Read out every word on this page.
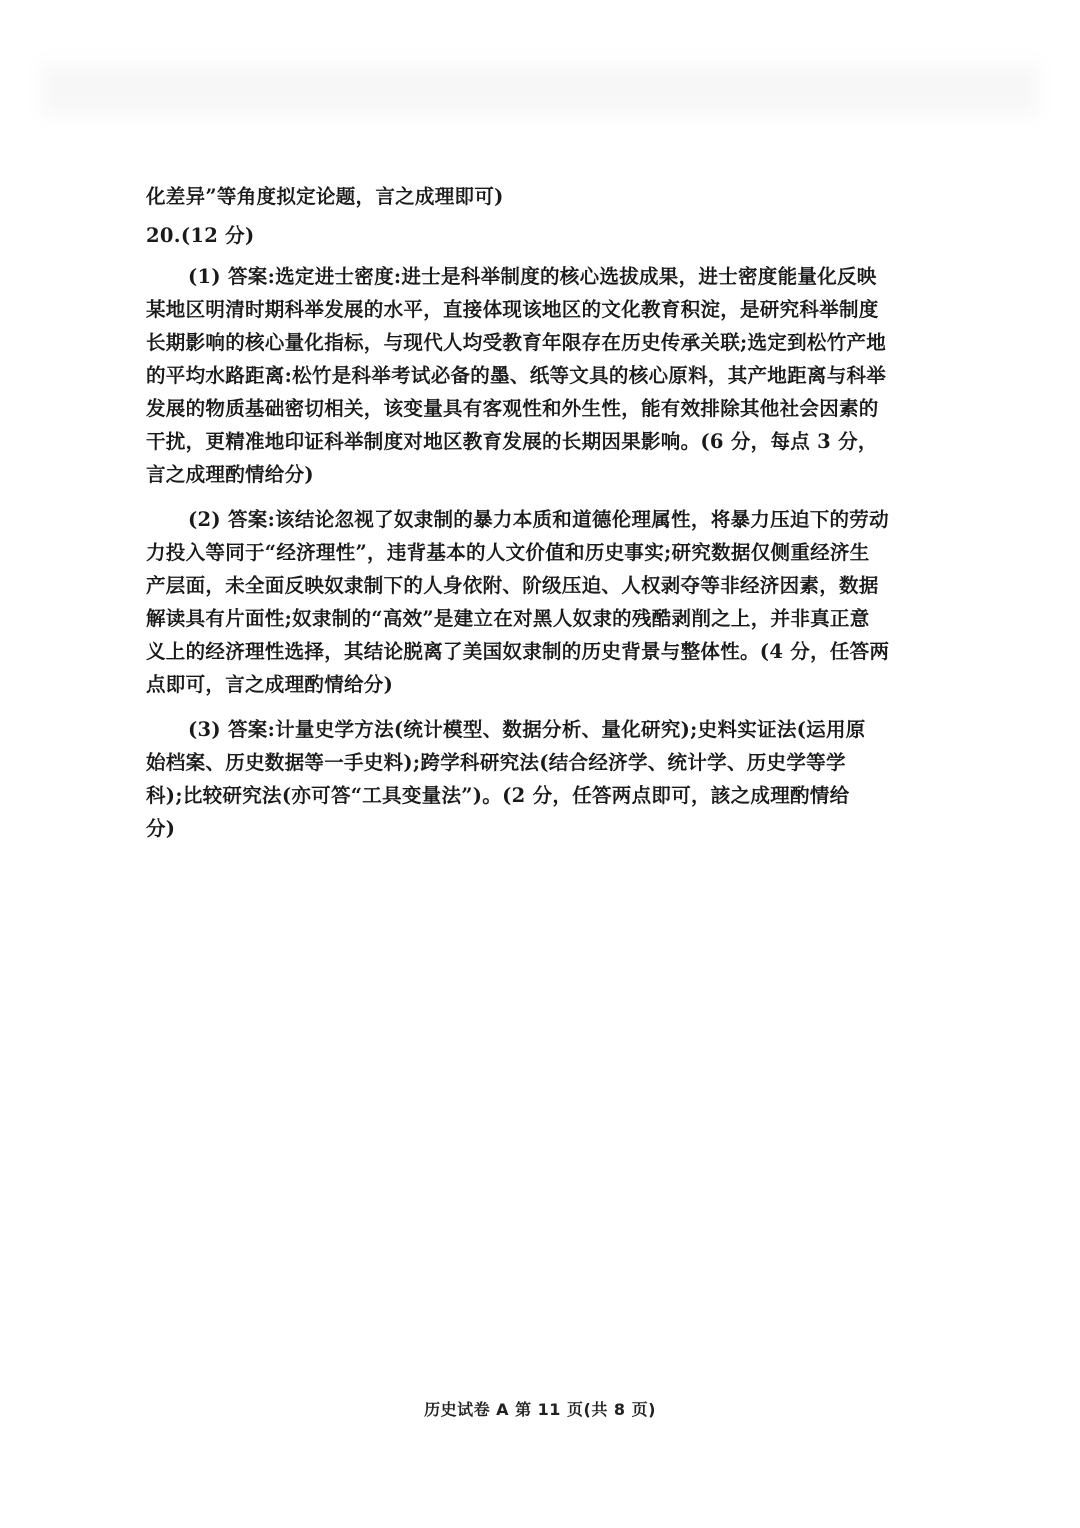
化差异”等角度拟定论题，言之成理即可)
20.(12 分)
(1) 答案:选定进士密度:进士是科举制度的核心选拔成果，进士密度能量化反映
某地区明清时期科举发展的水平，直接体现该地区的文化教育积淀，是研究科举制度
长期影响的核心量化指标，与现代人均受教育年限存在历史传承关联;选定到松竹产地
的平均水路距离:松竹是科举考试必备的墨、纸等文具的核心原料，其产地距离与科举
发展的物质基础密切相关，该变量具有客观性和外生性，能有效排除其他社会因素的
干扰，更精准地印证科举制度对地区教育发展的长期因果影响。(6 分，每点 3 分，
言之成理酌情给分)
(2) 答案:该结论忽视了奴隶制的暴力本质和道德伦理属性，将暴力压迫下的劳动
力投入等同于“经济理性”，违背基本的人文价值和历史事实;研究数据仅侧重经济生
产层面，未全面反映奴隶制下的人身依附、阶级压迫、人权剥夺等非经济因素，数据
解读具有片面性;奴隶制的“高效”是建立在对黑人奴隶的残酷剥削之上，并非真正意
义上的经济理性选择，其结论脱离了美国奴隶制的历史背景与整体性。(4 分，任答两
点即可，言之成理酌情给分)
(3) 答案:计量史学方法(统计模型、数据分析、量化研究);史料实证法(运用原
始档案、历史数据等一手史料);跨学科研究法(结合经济学、统计学、历史学等学
科);比较研究法(亦可答“工具变量法”)。(2 分，任答两点即可，該之成理酌情给
分)
历史试卷 A 第 11 页(共 8 页)
